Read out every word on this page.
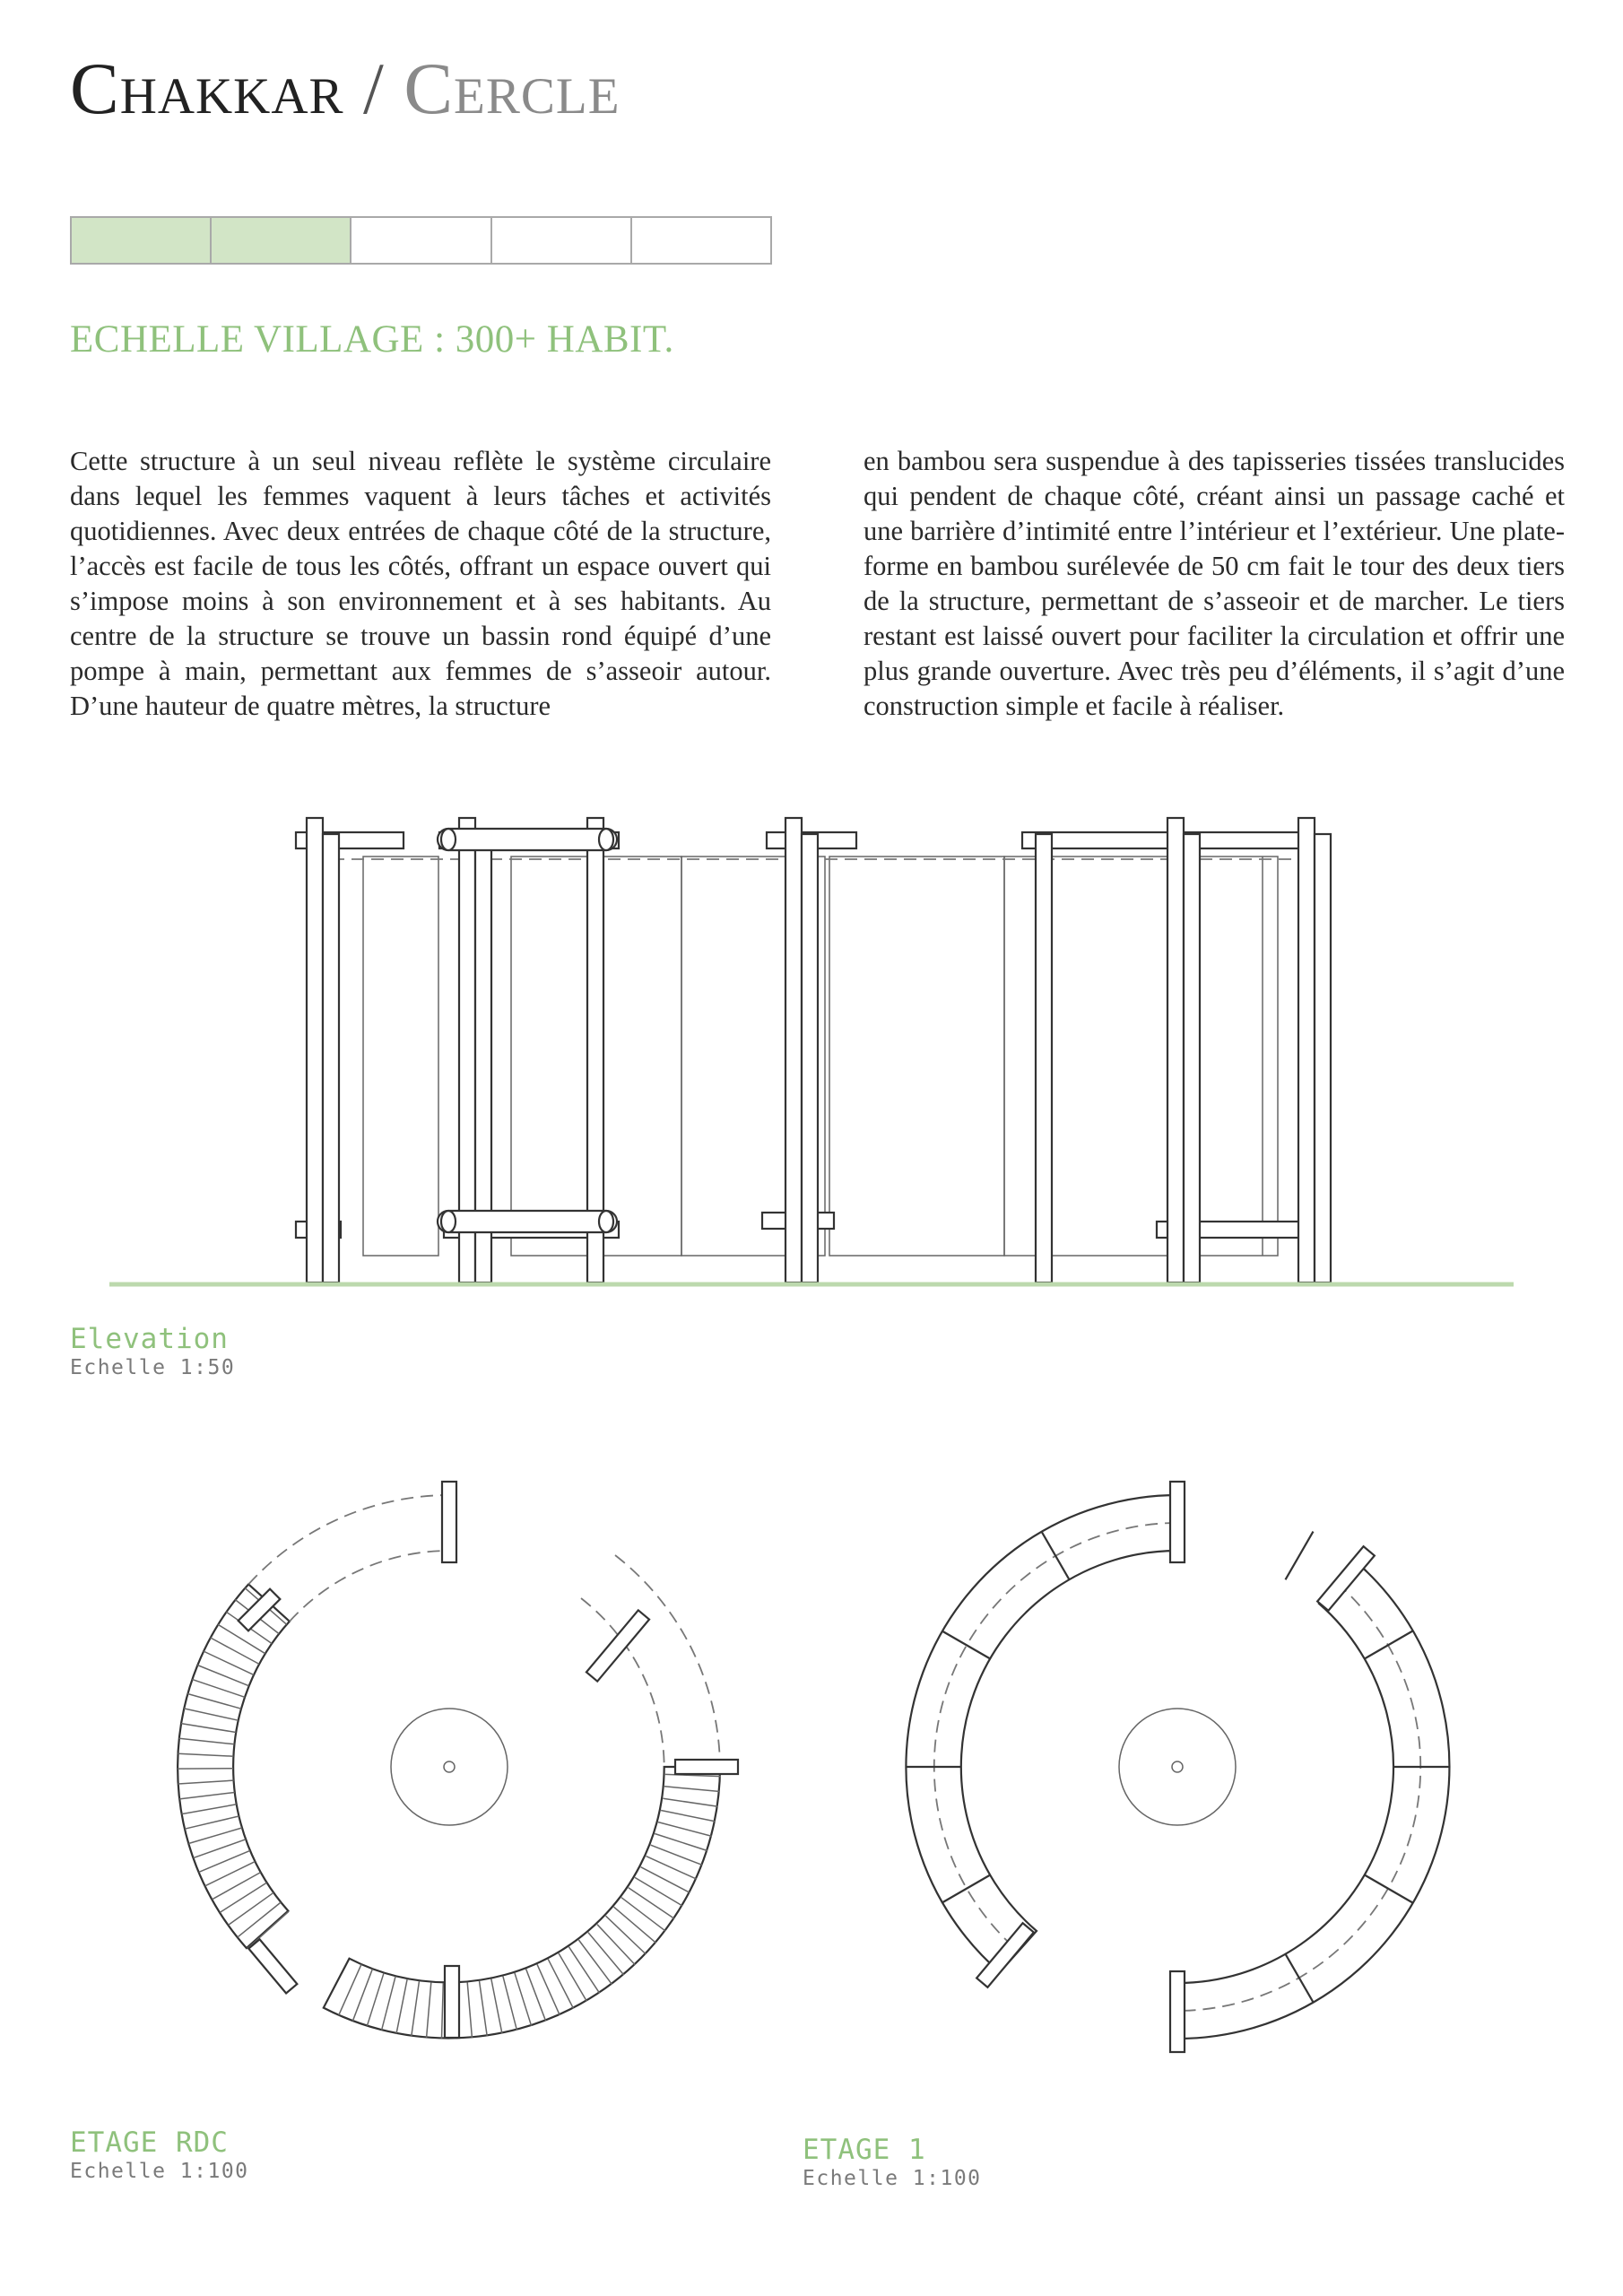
Chakkar / Cercle
ECHELLE VILLAGE : 300+ HABIT.

Cette structure à un seul niveau reflète le système circulaire dans lequel les femmes vaquent à leurs tâches et activités quotidiennes. Avec deux entrées de chaque côté de la structure, l’accès est facile de tous les côtés, offrant un espace ouvert qui s’impose moins à son environnement et à ses habitants. Au centre de la structure se trouve un bassin rond équipé d’une pompe à main, permettant aux femmes de s’asseoir autour. D’une hauteur de quatre mètres, la structure

en bambou sera suspendue à des tapisseries tissées translucides qui pendent de chaque côté, créant ainsi un passage caché et une barrière d’intimité entre l’intérieur et l’extérieur. Une plate-forme en bambou surélevée de 50 cm fait le tour des deux tiers de la structure, permettant de s’asseoir et de marcher. Le tiers restant est laissé ouvert pour faciliter la circulation et offrir une plus grande ouverture. Avec très peu d’éléments, il s’agit d’une construction simple et facile à réaliser.

Elevation
Echelle 1:50
ETAGE RDC
Echelle 1:100
ETAGE 1
Echelle 1:100
